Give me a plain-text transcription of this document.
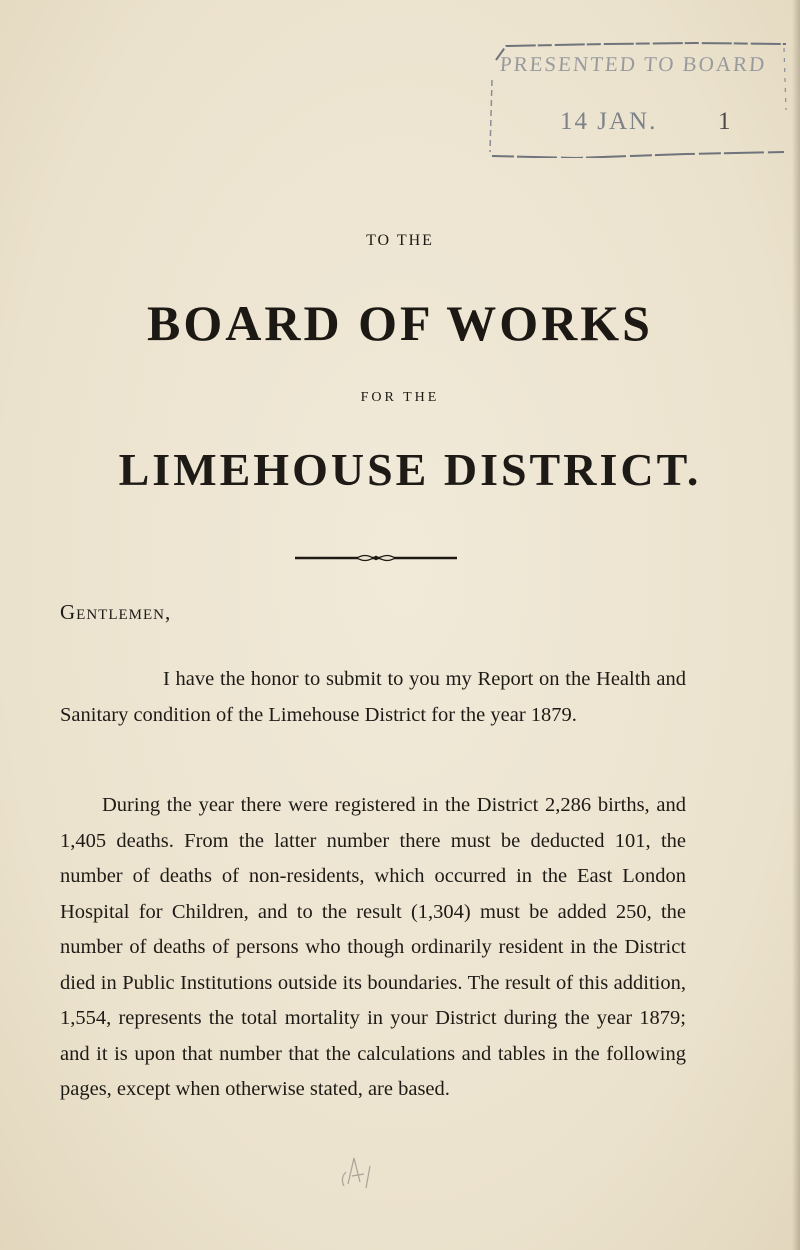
PRESENTED TO BOARD
14 JAN. 1
TO THE
BOARD OF WORKS
FOR THE
LIMEHOUSE DISTRICT.
Gentlemen,

I have the honor to submit to you my Report on the Health and Sanitary condition of the Limehouse District for the year 1879.

During the year there were registered in the District 2,286 births, and 1,405 deaths. From the latter number there must be deducted 101, the number of deaths of non-residents, which occurred in the East London Hospital for Children, and to the result (1,304) must be added 250, the number of deaths of persons who though ordinarily resident in the District died in Public Institutions outside its boundaries. The result of this addition, 1,554, represents the total mortality in your District during the year 1879; and it is upon that number that the calculations and tables in the following pages, except when otherwise stated, are based.
